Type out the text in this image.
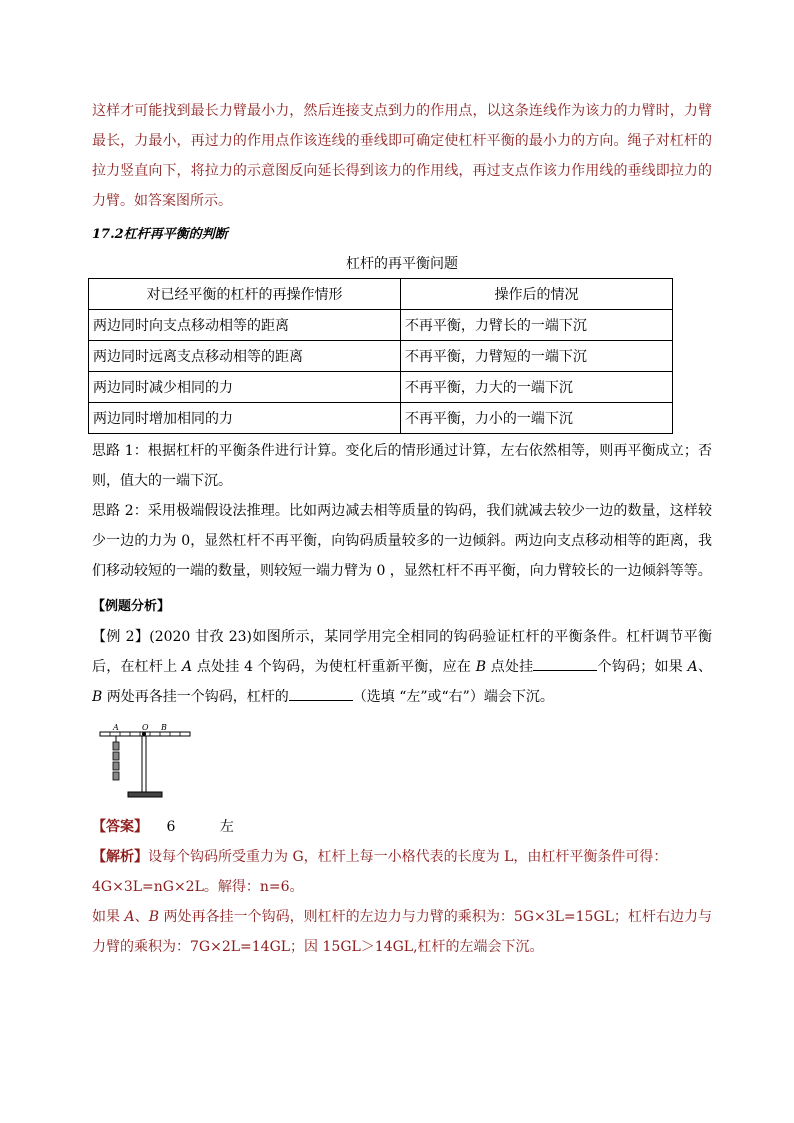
这样才可能找到最长力臂最小力，然后连接支点到力的作用点，以这条连线作为该力的力臂时，力臂最长，力最小，再过力的作用点作该连线的垂线即可确定使杠杆平衡的最小力的方向。绳子对杠杆的拉力竖直向下，将拉力的示意图反向延长得到该力的作用线，再过支点作该力作用线的垂线即拉力的力臂。如答案图所示。

17.2杠杆再平衡的判断

杠杆的再平衡问题
对已经平衡的杠杆的再操作情形	操作后的情况
两边同时向支点移动相等的距离	不再平衡，力臂长的一端下沉
两边同时远离支点移动相等的距离	不再平衡，力臂短的一端下沉
两边同时减少相同的力	不再平衡，力大的一端下沉
两边同时增加相同的力	不再平衡，力小的一端下沉

思路 1：根据杠杆的平衡条件进行计算。变化后的情形通过计算，左右依然相等，则再平衡成立；否则，值大的一端下沉。

思路 2：采用极端假设法推理。比如两边减去相等质量的钩码，我们就减去较少一边的数量，这样较少一边的力为 0，显然杠杆不再平衡，向钩码质量较多的一边倾斜。两边向支点移动相等的距离，我们移动较短的一端的数量，则较短一端力臂为 0 ，显然杠杆不再平衡，向力臂较长的一边倾斜等等。

【例题分析】

【例 2】(2020 甘孜 23)如图所示，某同学用完全相同的钩码验证杠杆的平衡条件。杠杆调节平衡后，在杠杆上 A 点处挂 4 个钩码，为使杠杆重新平衡，应在 B 点处挂	个钩码；如果 A、B 两处再各挂一个钩码，杠杆的	（选填 “左”或“右”）端会下沉。

A	O B

【答案】 6	左

【解析】设每个钩码所受重力为 G，杠杆上每一小格代表的长度为 L，由杠杆平衡条件可得：

4G×3L=nG×2L。解得：n=6。

如果 A、B 两处再各挂一个钩码，则杠杆的左边力与力臂的乘积为：5G×3L=15GL；杠杆右边力与力臂的乘积为：7G×2L=14GL；因 15GL＞14GL,杠杆的左端会下沉。
